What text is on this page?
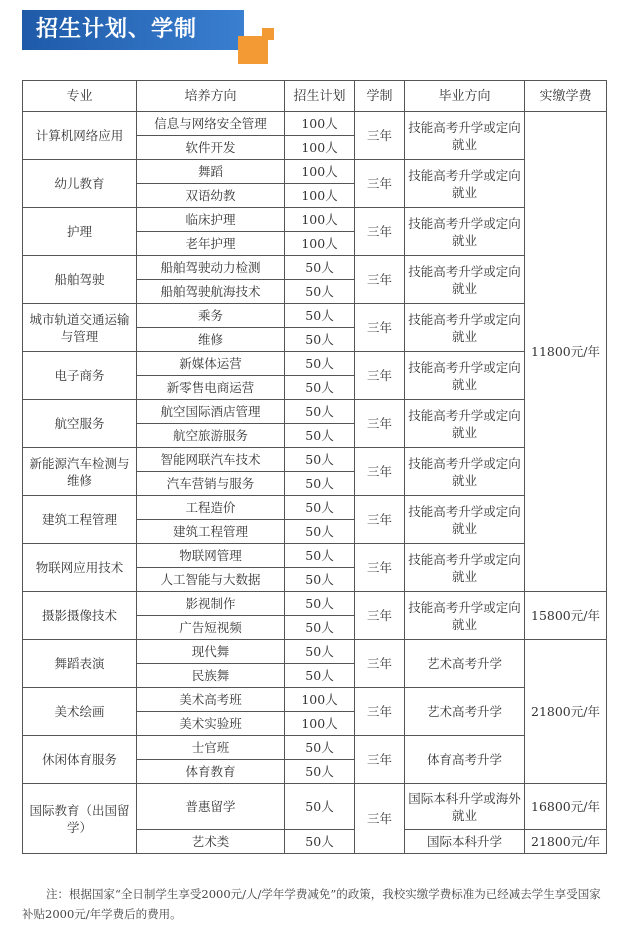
招生计划、学制
专业	培养方向	招生计划	学制	毕业方向	实缴学费
计算机网络应用	信息与网络安全管理	100人	三年	技能高考升学或定向就业	11800元/年
	软件开发	100人			
幼儿教育	舞蹈	100人	三年	技能高考升学或定向就业	
	双语幼教	100人			
护理	临床护理	100人	三年	技能高考升学或定向就业	
	老年护理	100人			
船舶驾驶	船舶驾驶动力检测	50人	三年	技能高考升学或定向就业	
	船舶驾驶航海技术	50人			
城市轨道交通运输与管理	乘务	50人	三年	技能高考升学或定向就业	
	维修	50人			
电子商务	新媒体运营	50人	三年	技能高考升学或定向就业	
	新零售电商运营	50人			
航空服务	航空国际酒店管理	50人	三年	技能高考升学或定向就业	
	航空旅游服务	50人			
新能源汽车检测与维修	智能网联汽车技术	50人	三年	技能高考升学或定向就业	
	汽车营销与服务	50人			
建筑工程管理	工程造价	50人	三年	技能高考升学或定向就业	
	建筑工程管理	50人			
物联网应用技术	物联网管理	50人	三年	技能高考升学或定向就业	
	人工智能与大数据	50人			
摄影摄像技术	影视制作	50人	三年	技能高考升学或定向就业	15800元/年
	广告短视频	50人			
舞蹈表演	现代舞	50人	三年	艺术高考升学	21800元/年
	民族舞	50人			
美术绘画	美术高考班	100人	三年	艺术高考升学	
	美术实验班	100人			
休闲体育服务	士官班	50人	三年	体育高考升学	
	体育教育	50人			
国际教育（出国留学）	普惠留学	50人	三年	国际本科升学或海外就业	16800元/年
	艺术类	50人		国际本科升学	21800元/年
注：根据国家“全日制学生享受2000元/人/学年学费减免”的政策，我校实缴学费标准为已经减去学生享受国家补贴2000元/年学费后的费用。
